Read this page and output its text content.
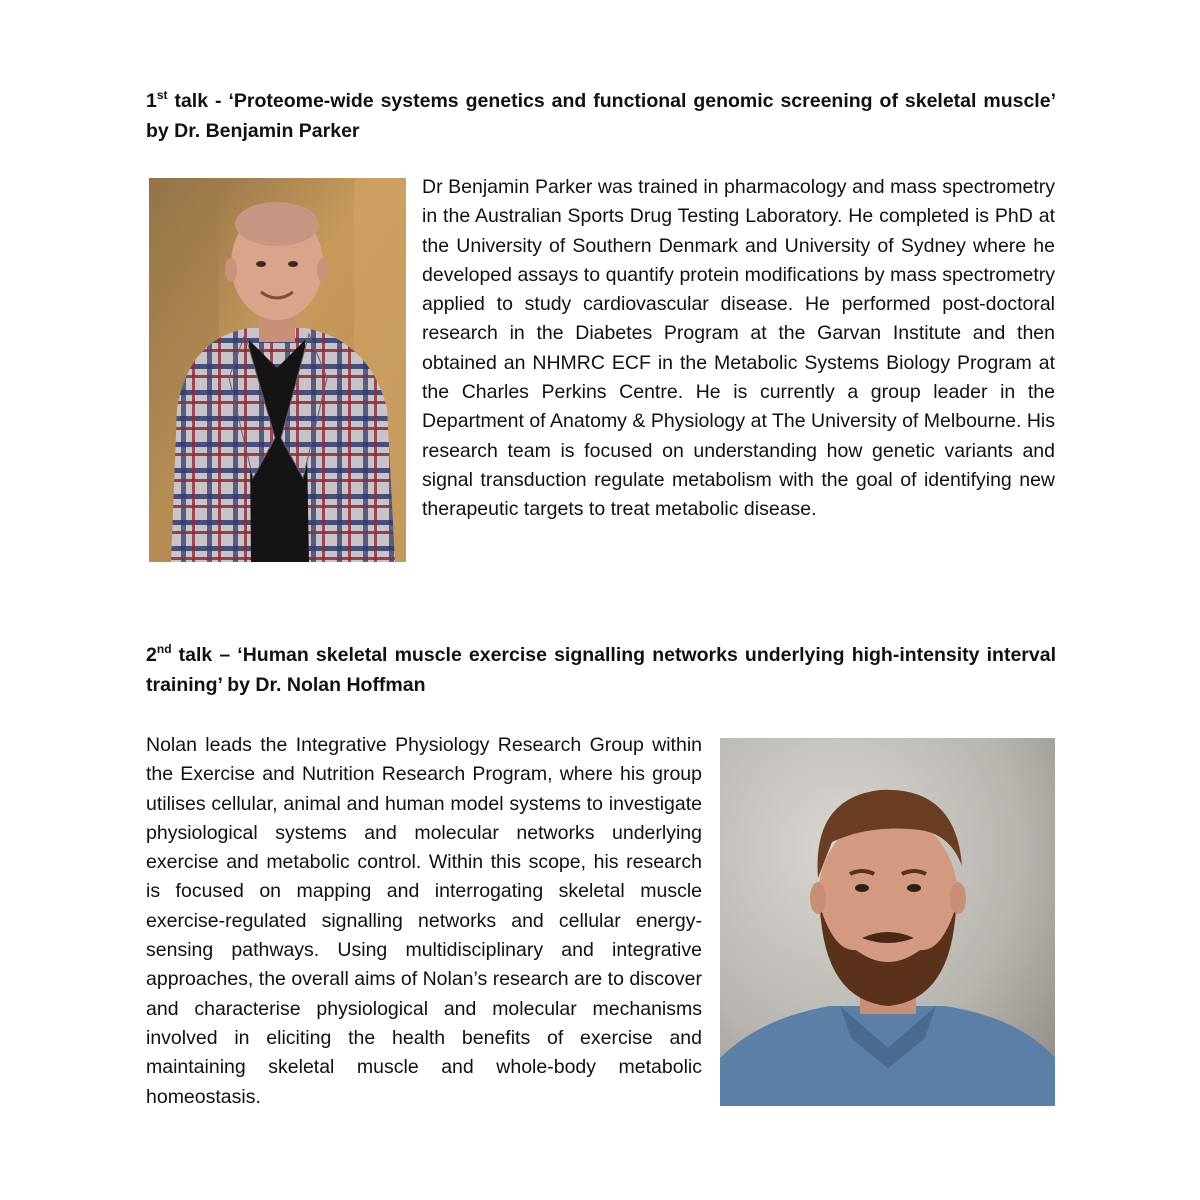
1st talk - ‘Proteome-wide systems genetics and functional genomic screening of skeletal muscle’ by Dr. Benjamin Parker
Dr Benjamin Parker was trained in pharmacology and mass spectrometry in the Australian Sports Drug Testing Laboratory. He completed is PhD at the University of Southern Denmark and University of Sydney where he developed assays to quantify protein modifications by mass spectrometry applied to study cardiovascular disease. He performed post-doctoral research in the Diabetes Program at the Garvan Institute and then obtained an NHMRC ECF in the Metabolic Systems Biology Program at the Charles Perkins Centre. He is currently a group leader in the Department of Anatomy & Physiology at The University of Melbourne. His research team is focused on understanding how genetic variants and signal transduction regulate metabolism with the goal of identifying new therapeutic targets to treat metabolic disease.
2nd talk – ‘Human skeletal muscle exercise signalling networks underlying high-intensity interval training’ by Dr. Nolan Hoffman
Nolan leads the Integrative Physiology Research Group within the Exercise and Nutrition Research Program, where his group utilises cellular, animal and human model systems to investigate physiological systems and molecular networks underlying exercise and metabolic control. Within this scope, his research is focused on mapping and interrogating skeletal muscle exercise-regulated signalling networks and cellular energy-sensing pathways. Using multidisciplinary and integrative approaches, the overall aims of Nolan’s research are to discover and characterise physiological and molecular mechanisms involved in eliciting the health benefits of exercise and maintaining skeletal muscle and whole-body metabolic homeostasis.
